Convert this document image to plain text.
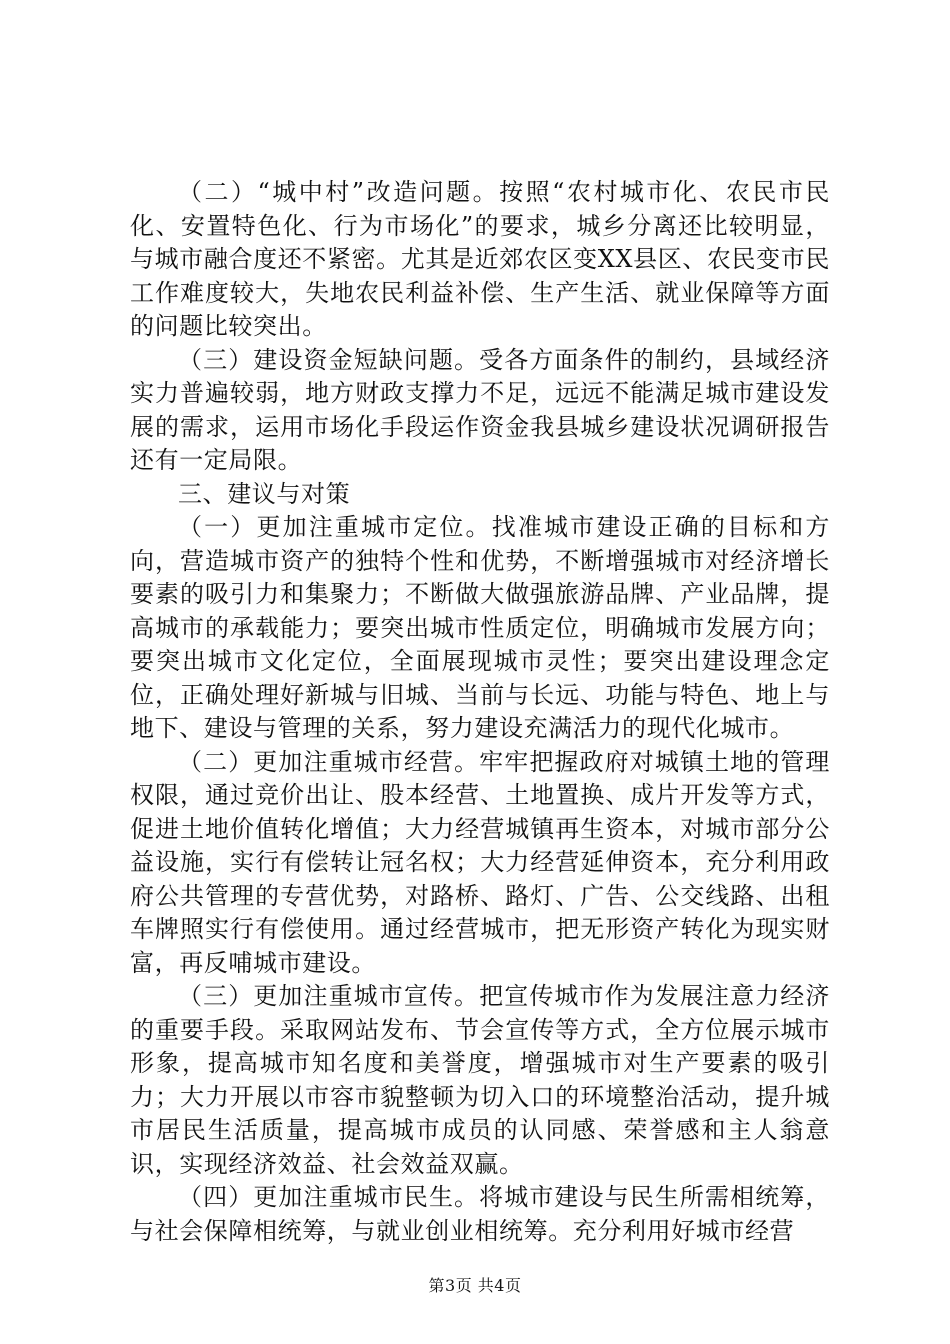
（二）“城中村”改造问题。按照“农村城市化、农民市民化、安置特色化、行为市场化”的要求，城乡分离还比较明显，与城市融合度还不紧密。尤其是近郊农区变XX县区、农民变市民工作难度较大，失地农民利益补偿、生产生活、就业保障等方面的问题比较突出。

（三）建设资金短缺问题。受各方面条件的制约，县域经济实力普遍较弱，地方财政支撑力不足，远远不能满足城市建设发展的需求，运用市场化手段运作资金我县城乡建设状况调研报告还有一定局限。

三、建议与对策

（一）更加注重城市定位。找准城市建设正确的目标和方向，营造城市资产的独特个性和优势，不断增强城市对经济增长要素的吸引力和集聚力；不断做大做强旅游品牌、产业品牌，提高城市的承载能力；要突出城市性质定位，明确城市发展方向；要突出城市文化定位，全面展现城市灵性；要突出建设理念定位，正确处理好新城与旧城、当前与长远、功能与特色、地上与地下、建设与管理的关系，努力建设充满活力的现代化城市。

（二）更加注重城市经营。牢牢把握政府对城镇土地的管理权限，通过竞价出让、股本经营、土地置换、成片开发等方式，促进土地价值转化增值；大力经营城镇再生资本，对城市部分公益设施，实行有偿转让冠名权；大力经营延伸资本，充分利用政府公共管理的专营优势，对路桥、路灯、广告、公交线路、出租车牌照实行有偿使用。通过经营城市，把无形资产转化为现实财富，再反哺城市建设。

（三）更加注重城市宣传。把宣传城市作为发展注意力经济的重要手段。采取网站发布、节会宣传等方式，全方位展示城市形象，提高城市知名度和美誉度，增强城市对生产要素的吸引力；大力开展以市容市貌整顿为切入口的环境整治活动，提升城市居民生活质量，提高城市成员的认同感、荣誉感和主人翁意识，实现经济效益、社会效益双赢。

（四）更加注重城市民生。将城市建设与民生所需相统筹，与社会保障相统筹，与就业创业相统筹。充分利用好城市经营

第3页 共4页
